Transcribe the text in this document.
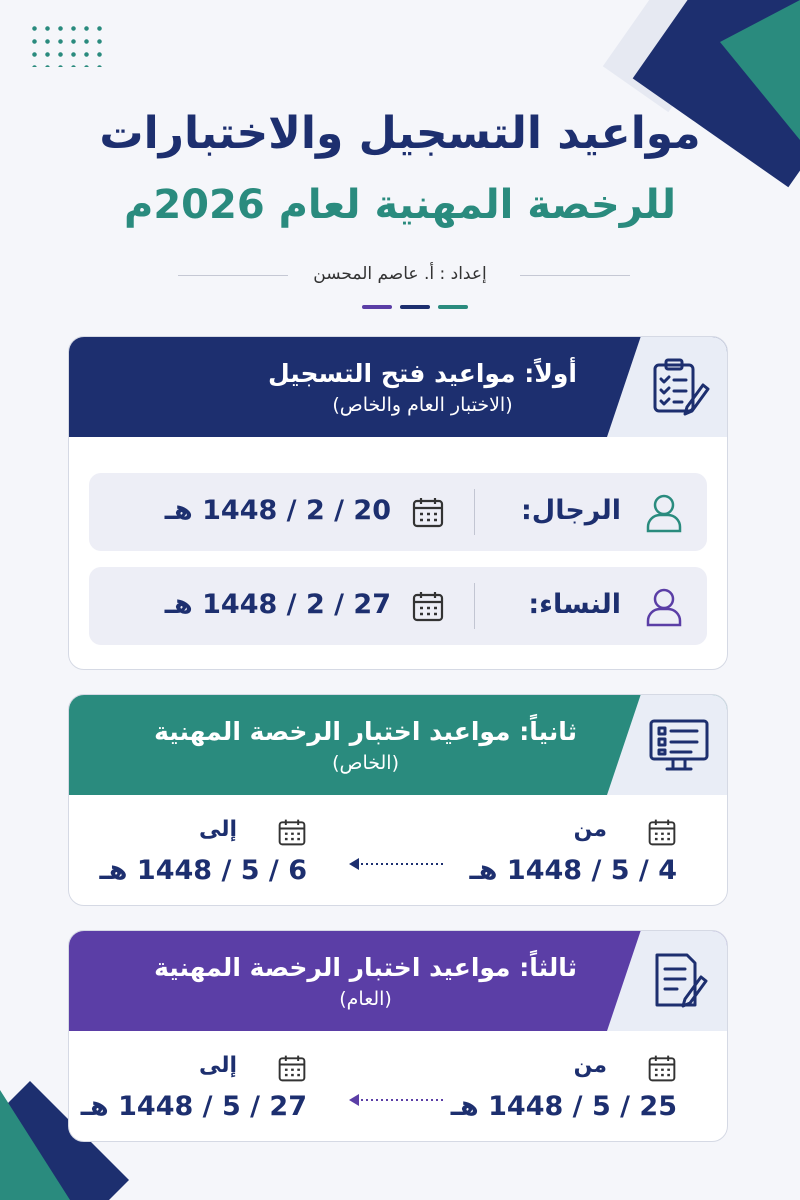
مواعيد التسجيل والاختبارات
للرخصة المهنية لعام 2026م
إعداد : أ. عاصم المحسن
أولاً: مواعيد فتح التسجيل
(الاختبار العام والخاص)
الرجال:
20 / 2 / 1448 هـ
النساء:
27 / 2 / 1448 هـ
ثانياً: مواعيد اختبار الرخصة المهنية
(الخاص)
من
4 / 5 / 1448 هـ
إلى
6 / 5 / 1448 هـ
ثالثاً: مواعيد اختبار الرخصة المهنية
(العام)
من
25 / 5 / 1448 هـ
إلى
27 / 5 / 1448 هـ
